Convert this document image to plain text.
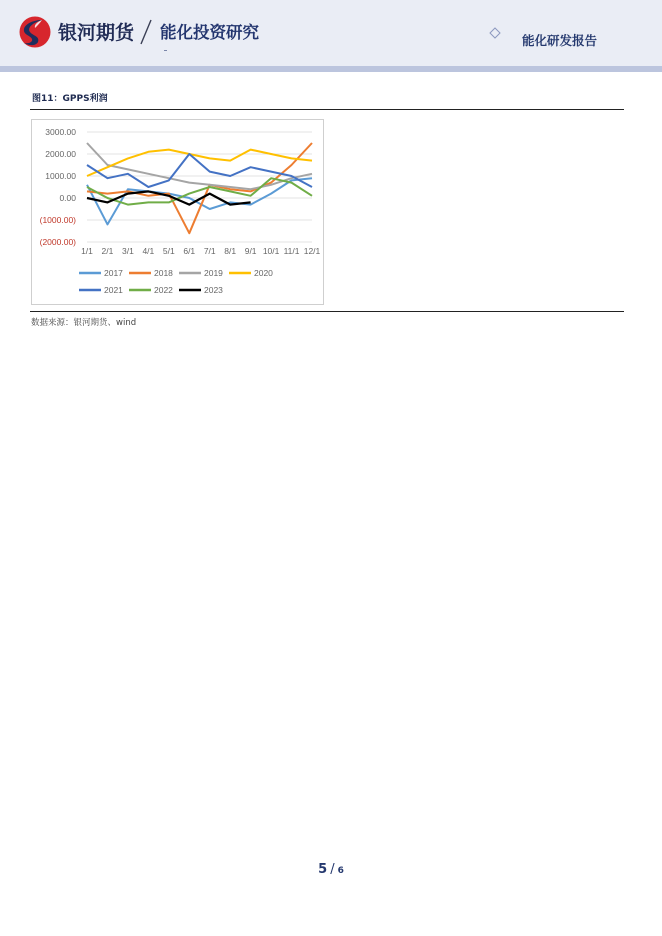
银河期货 能化投资研究	能化研发报告
图11：GPPS利润
3000.00
2000.00
1000.00
0.00
(1000.00)
(2000.00)
1/1 2/1 3/1 4/1 5/1 6/1 7/1 8/1 9/1 10/1 11/1 12/1
2017	2018	2019	2020
2021	2022	2023
数据来源：银河期货、wind
5 / 6
